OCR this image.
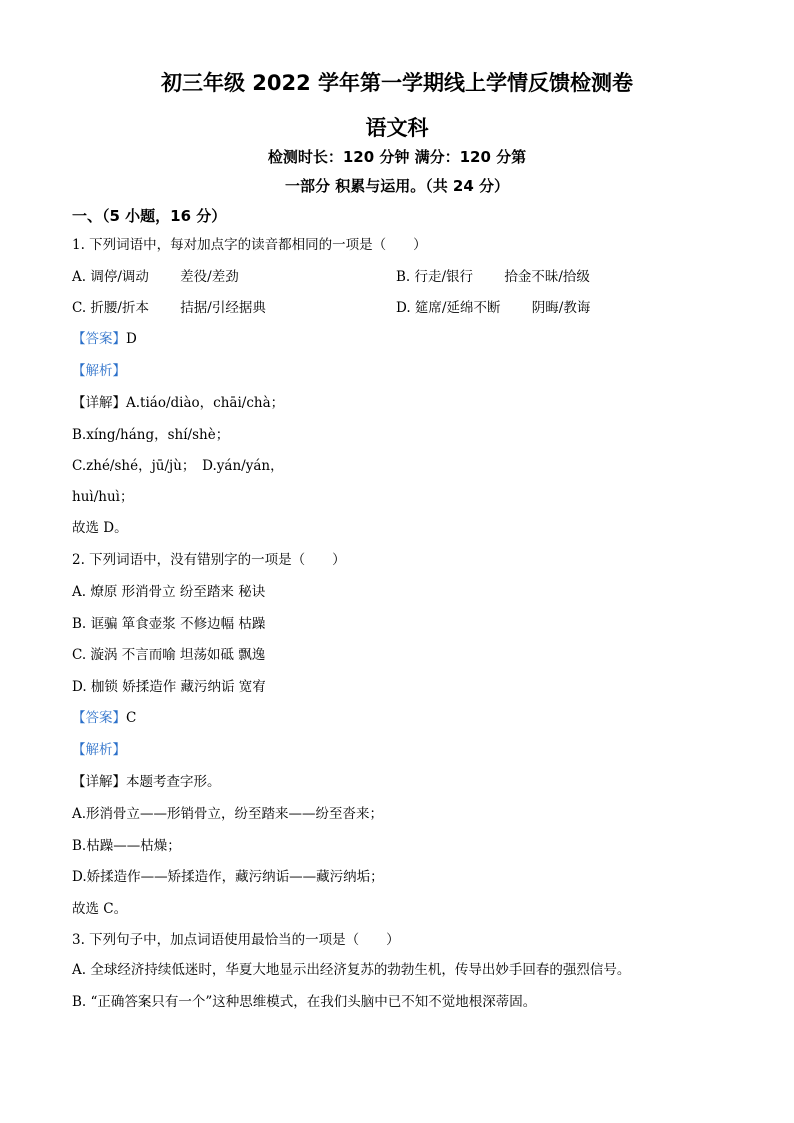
初三年级 2022 学年第一学期线上学情反馈检测卷
语文科
检测时长：120 分钟 满分：120 分第
一部分 积累与运用。（共 24 分）
一、（5 小题，16 分）
1. 下列词语中，每对加点字的读音都相同的一项是（　　）
A. 调停/调动　　 差役/差劲	B. 行走/银行　　 拾金不昧/拾级
C. 折腰/折本　　 拮据/引经据典	D. 筵席/延绵不断　　 阴晦/教诲
【答案】D
【解析】
【详解】A.tiáo/diào，chāi/chà；
B.xíng/háng，shí/shè；
C.zhé/shé，jū/jù；　D.yán/yán，
huì/huì；
故选 D。
2. 下列词语中，没有错别字的一项是（　　）
A. 燎原 形消骨立 纷至踏来 秘诀
B. 诓骗 箪食壶浆 不修边幅 枯躁
C. 漩涡 不言而喻 坦荡如砥 飘逸
D. 枷锁 娇揉造作 藏污纳诟 宽宥
【答案】C
【解析】
【详解】本题考查字形。
A.形消骨立——形销骨立，纷至踏来——纷至沓来；
B.枯躁——枯燥；
D.娇揉造作——矫揉造作，藏污纳诟——藏污纳垢；
故选 C。
3. 下列句子中，加点词语使用最恰当的一项是（　　）
A. 全球经济持续低迷时，华夏大地显示出经济复苏的勃勃生机，传导出妙手回春的强烈信号。
B. “正确答案只有一个”这种思维模式，在我们头脑中已不知不觉地根深蒂固。
